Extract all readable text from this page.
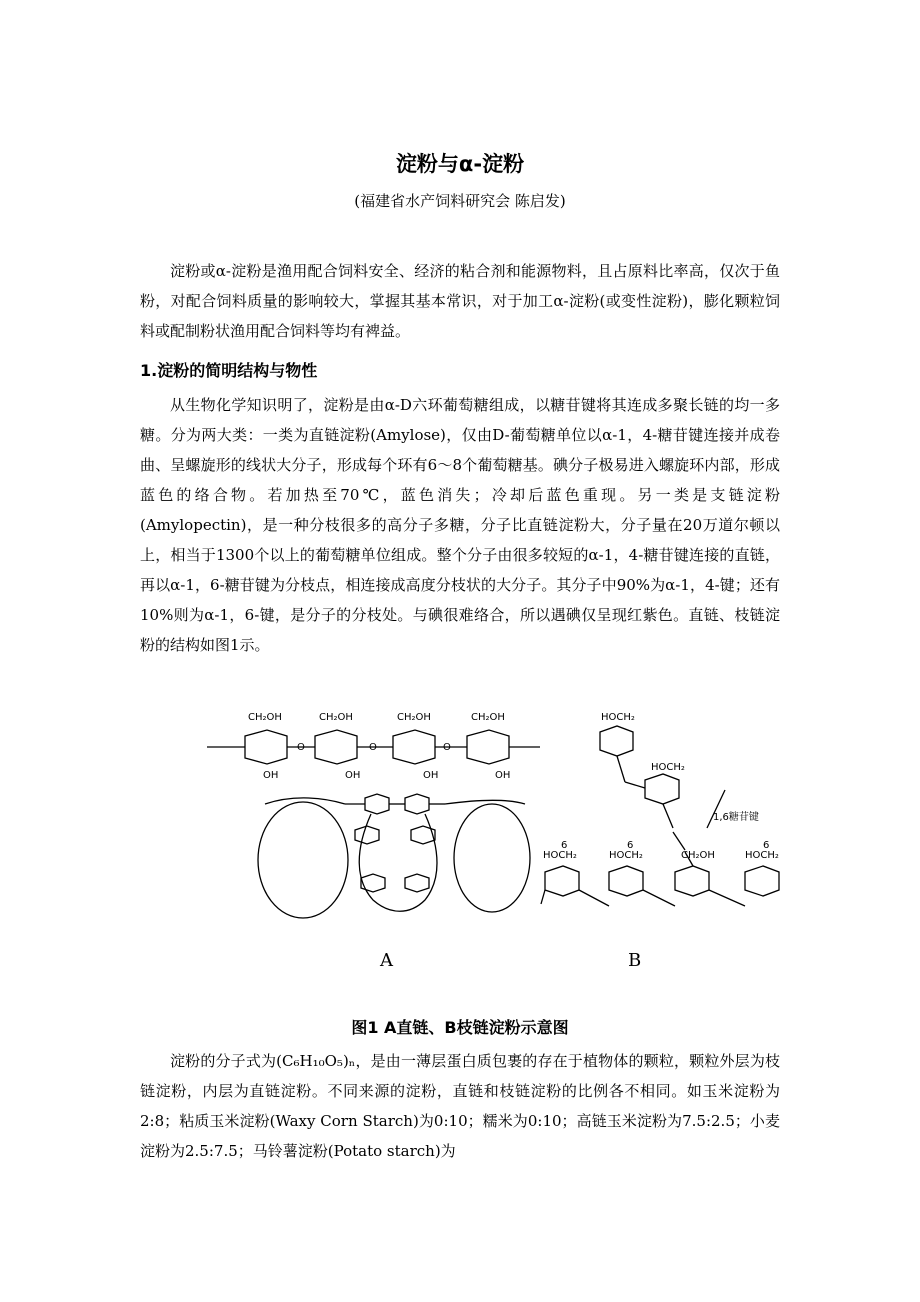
淀粉与α-淀粉
(福建省水产饲料研究会 陈启发)

淀粉或α-淀粉是渔用配合饲料安全、经济的粘合剂和能源物料，且占原料比率高，仅次于鱼粉，对配合饲料质量的影响较大，掌握其基本常识，对于加工α-淀粉(或变性淀粉)，膨化颗粒饲料或配制粉状渔用配合饲料等均有裨益。

1.淀粉的简明结构与物性

从生物化学知识明了，淀粉是由α-D六环葡萄糖组成，以糖苷键将其连成多聚长链的均一多糖。分为两大类：一类为直链淀粉(Amylose)，仅由D-葡萄糖单位以α-1，4-糖苷键连接并成卷曲、呈螺旋形的线状大分子，形成每个环有6～8个葡萄糖基。碘分子极易进入螺旋环内部，形成蓝色的络合物。若加热至70℃，蓝色消失；冷却后蓝色重现。另一类是支链淀粉(Amylopectin)，是一种分枝很多的高分子多糖，分子比直链淀粉大，分子量在20万道尔顿以上，相当于1300个以上的葡萄糖单位组成。整个分子由很多较短的α-1，4-糖苷键连接的直链，再以α-1，6-糖苷键为分枝点，相连接成高度分枝状的大分子。其分子中90%为α-1，4-键；还有10%则为α-1，6-键，是分子的分枝处。与碘很难络合，所以遇碘仅呈现红紫色。直链、枝链淀粉的结构如图1示。

CH₂OH	CH₂OH	CH₂OH	CH₂OH
OH	OH	OH	OH
O	O	O
HOCH₂
HOCH₂
1,6糖苷键
HOCH₂	HOCH₂	CH₂OH	HOCH₂
6	6	6
A	B
图1 A直链、B枝链淀粉示意图

淀粉的分子式为(C₆H₁₀O₅)ₙ，是由一薄层蛋白质包裹的存在于植物体的颗粒，颗粒外层为枝链淀粉，内层为直链淀粉。不同来源的淀粉，直链和枝链淀粉的比例各不相同。如玉米淀粉为2:8；粘质玉米淀粉(Waxy Corn Starch)为0:10；糯米为0:10；高链玉米淀粉为7.5:2.5；小麦淀粉为2.5:7.5；马铃薯淀粉(Potato starch)为
